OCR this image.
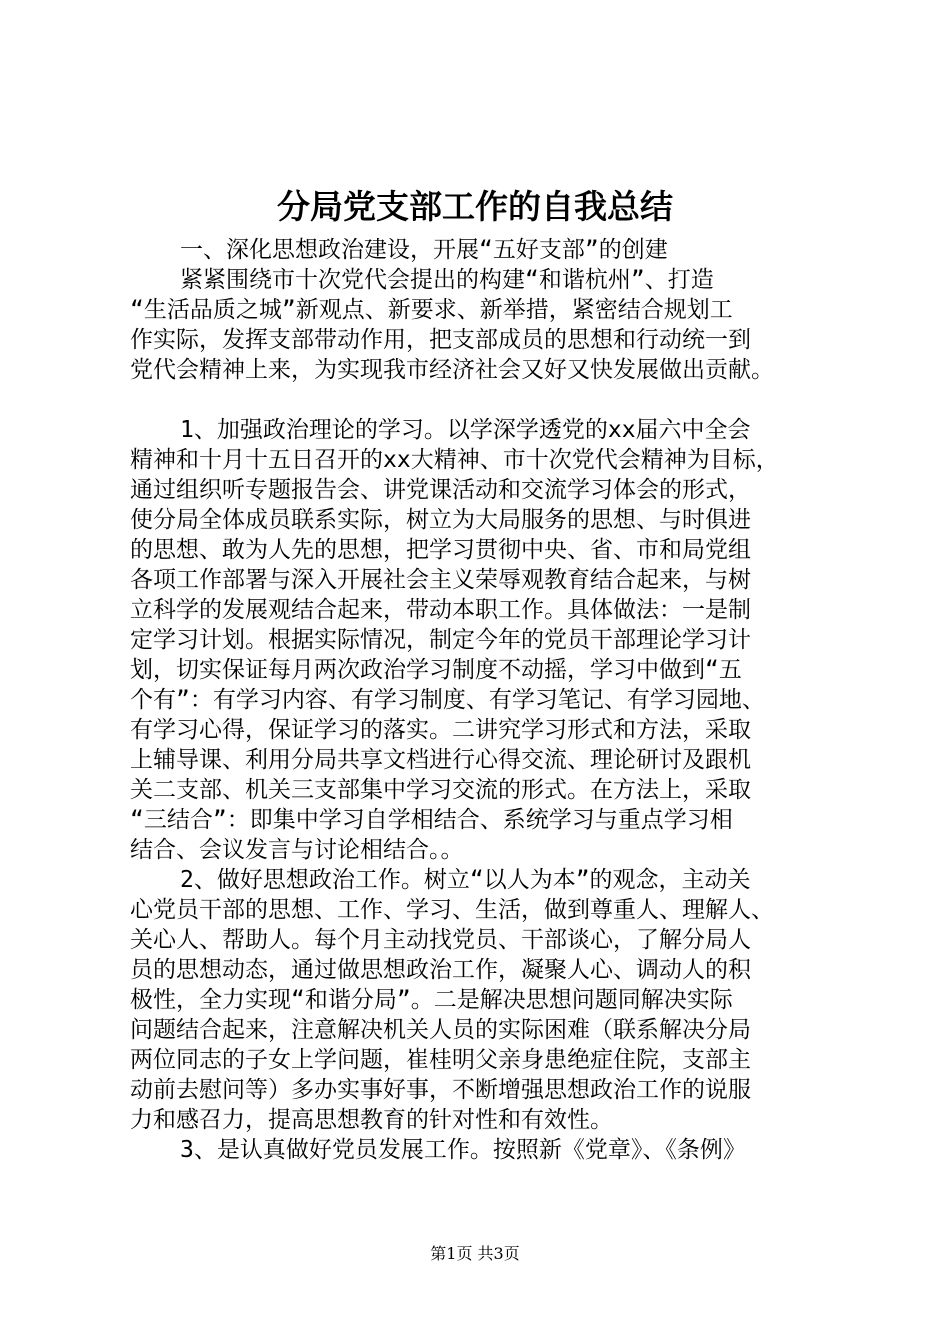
分局党支部工作的自我总结

一、深化思想政治建设，开展“五好支部”的创建

紧紧围绕市十次党代会提出的构建“和谐杭州”、打造
“生活品质之城”新观点、新要求、新举措，紧密结合规划工
作实际，发挥支部带动作用，把支部成员的思想和行动统一到
党代会精神上来，为实现我市经济社会又好又快发展做出贡献。

1、加强政治理论的学习。以学深学透党的xx届六中全会
精神和十月十五日召开的xx大精神、市十次党代会精神为目标，
通过组织听专题报告会、讲党课活动和交流学习体会的形式，
使分局全体成员联系实际，树立为大局服务的思想、与时俱进
的思想、敢为人先的思想，把学习贯彻中央、省、市和局党组
各项工作部署与深入开展社会主义荣辱观教育结合起来，与树
立科学的发展观结合起来，带动本职工作。具体做法：一是制
定学习计划。根据实际情况，制定今年的党员干部理论学习计
划，切实保证每月两次政治学习制度不动摇，学习中做到“五
个有”：有学习内容、有学习制度、有学习笔记、有学习园地、
有学习心得，保证学习的落实。二讲究学习形式和方法，采取
上辅导课、利用分局共享文档进行心得交流、理论研讨及跟机
关二支部、机关三支部集中学习交流的形式。在方法上，采取
“三结合”：即集中学习自学相结合、系统学习与重点学习相
结合、会议发言与讨论相结合。。

2、做好思想政治工作。树立“以人为本”的观念，主动关
心党员干部的思想、工作、学习、生活，做到尊重人、理解人、
关心人、帮助人。每个月主动找党员、干部谈心，了解分局人
员的思想动态，通过做思想政治工作，凝聚人心、调动人的积
极性，全力实现“和谐分局”。二是解决思想问题同解决实际
问题结合起来，注意解决机关人员的实际困难（联系解决分局
两位同志的子女上学问题，崔桂明父亲身患绝症住院，支部主
动前去慰问等）多办实事好事，不断增强思想政治工作的说服
力和感召力，提高思想教育的针对性和有效性。

3、是认真做好党员发展工作。按照新《党章》、《条例》

第1页 共3页
